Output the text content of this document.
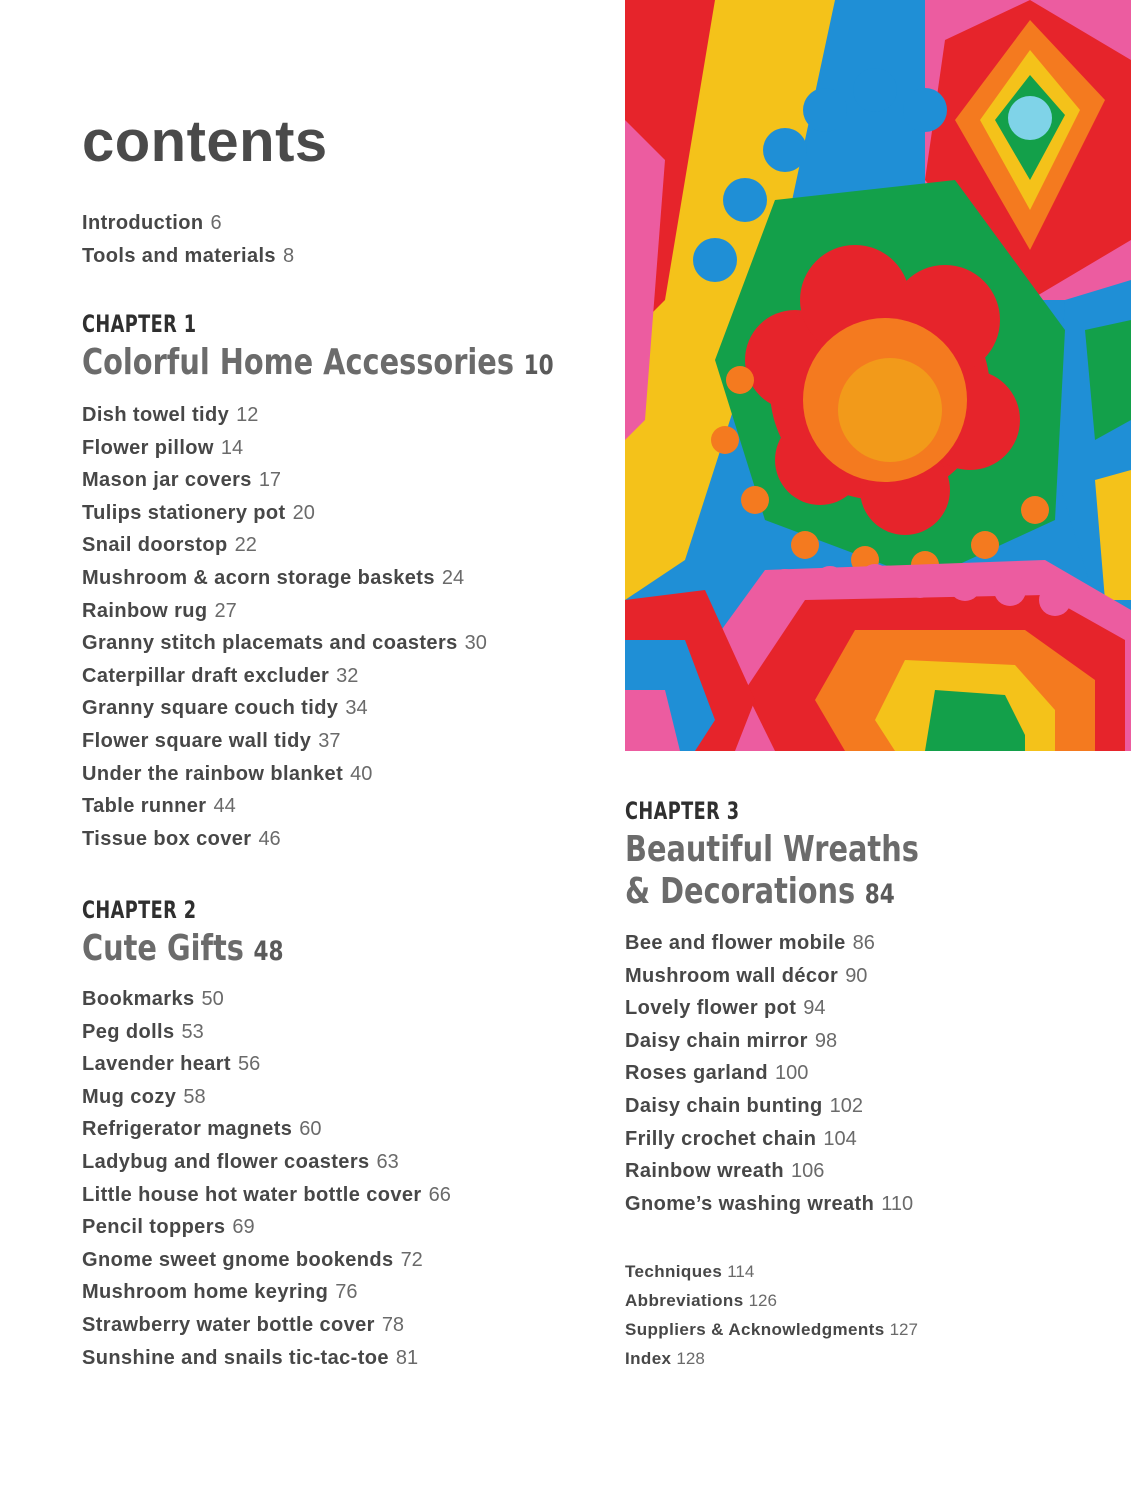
contents
Introduction 6
Tools and materials 8
CHAPTER 1
Colorful Home Accessories 10
Dish towel tidy 12
Flower pillow 14
Mason jar covers 17
Tulips stationery pot 20
Snail doorstop 22
Mushroom & acorn storage baskets 24
Rainbow rug 27
Granny stitch placemats and coasters 30
Caterpillar draft excluder 32
Granny square couch tidy 34
Flower square wall tidy 37
Under the rainbow blanket 40
Table runner 44
Tissue box cover 46
CHAPTER 2
Cute Gifts 48
Bookmarks 50
Peg dolls 53
Lavender heart 56
Mug cozy 58
Refrigerator magnets 60
Ladybug and flower coasters 63
Little house hot water bottle cover 66
Pencil toppers 69
Gnome sweet gnome bookends 72
Mushroom home keyring 76
Strawberry water bottle cover 78
Sunshine and snails tic-tac-toe 81
CHAPTER 3
Beautiful Wreaths
& Decorations 84
Bee and flower mobile 86
Mushroom wall décor 90
Lovely flower pot 94
Daisy chain mirror 98
Roses garland 100
Daisy chain bunting 102
Frilly crochet chain 104
Rainbow wreath 106
Gnome’s washing wreath 110
Techniques 114
Abbreviations 126
Suppliers & Acknowledgments 127
Index 128
